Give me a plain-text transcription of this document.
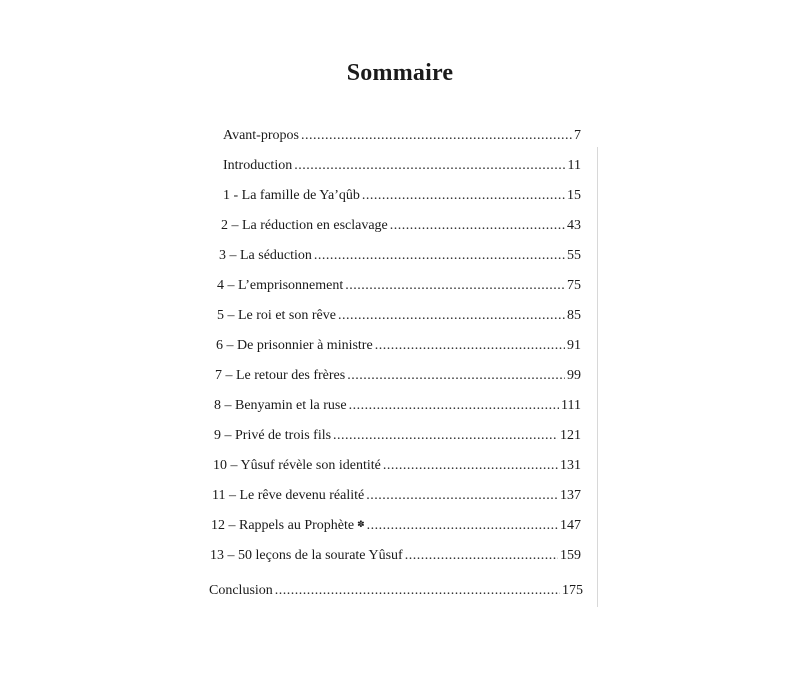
Sommaire
Avant-propos .....	7
Introduction .....	11
1 - La famille de Ya’qûb .....	15
2 – La réduction en esclavage .....	43
3 – La séduction .....	55
4 – L’emprisonnement .....	75
5 – Le roi et son rêve .....	85
6 – De prisonnier à ministre .....	91
7 – Le retour des frères .....	99
8 – Benyamin et la ruse .....	111
9 – Privé de trois fils .....	121
10 – Yûsuf révèle son identité .....	131
11 – Le rêve devenu réalité .....	137
12 – Rappels au Prophète ✽ .....	147
13 – 50 leçons de la sourate Yûsuf .....	159
Conclusion .....	175
